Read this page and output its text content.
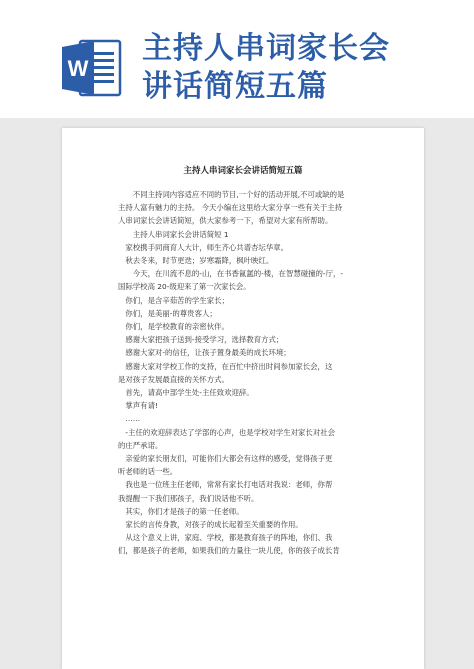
W
主持人串词家长会
讲话简短五篇
主持人串词家长会讲话简短五篇

不同主持词内容适应不同的节目,一个好的活动开展,不可或缺的是

主持人富有魅力的主持。 今天小编在这里给大家分享一些有关于主持

人串词家长会讲话简短，供大家参考一下，希望对大家有所帮助。

主持人串词家长会讲话简短 1

家校携手同商育人大计，师生齐心共谱杏坛华章。

秋去冬来，时节更迭；岁寒霜降，枫叶映红。

今天，在川流不息的-山，在书香氤氲的-楼，在智慧碰撞的-厅，-

国际学校高 20-级迎来了第一次家长会。

你们，是含辛茹苦的学生家长；

你们，是美丽-的尊贵客人；

你们，是学校教育的亲密伙伴。

感谢大家把孩子送到-接受学习，选择教育方式；

感谢大家对-的信任，让孩子置身最美的成长环境；

感谢大家对学校工作的支持，在百忙中挤出时间参加家长会，这

是对孩子发展最直接的关怀方式。

首先，请高中部学生处-主任致欢迎辞。

掌声有请!

……

-主任的欢迎辞表达了学部的心声，也是学校对学生对家长对社会

的庄严承诺。

亲爱的家长朋友们，可能你们大都会有这样的感受，觉得孩子更

听老师的话一些。

我也是一位班主任老师，常常有家长打电话对我说：老师，你帮

我提醒一下我们那孩子，我们说话他不听。

其实，你们才是孩子的第一任老师。

家长的言传身教，对孩子的成长起着至关重要的作用。

从这个意义上讲，家庭、学校，都是教育孩子的阵地，你们、我

们，都是孩子的老师，如果我们的力量往一块儿使，你的孩子成长肯
